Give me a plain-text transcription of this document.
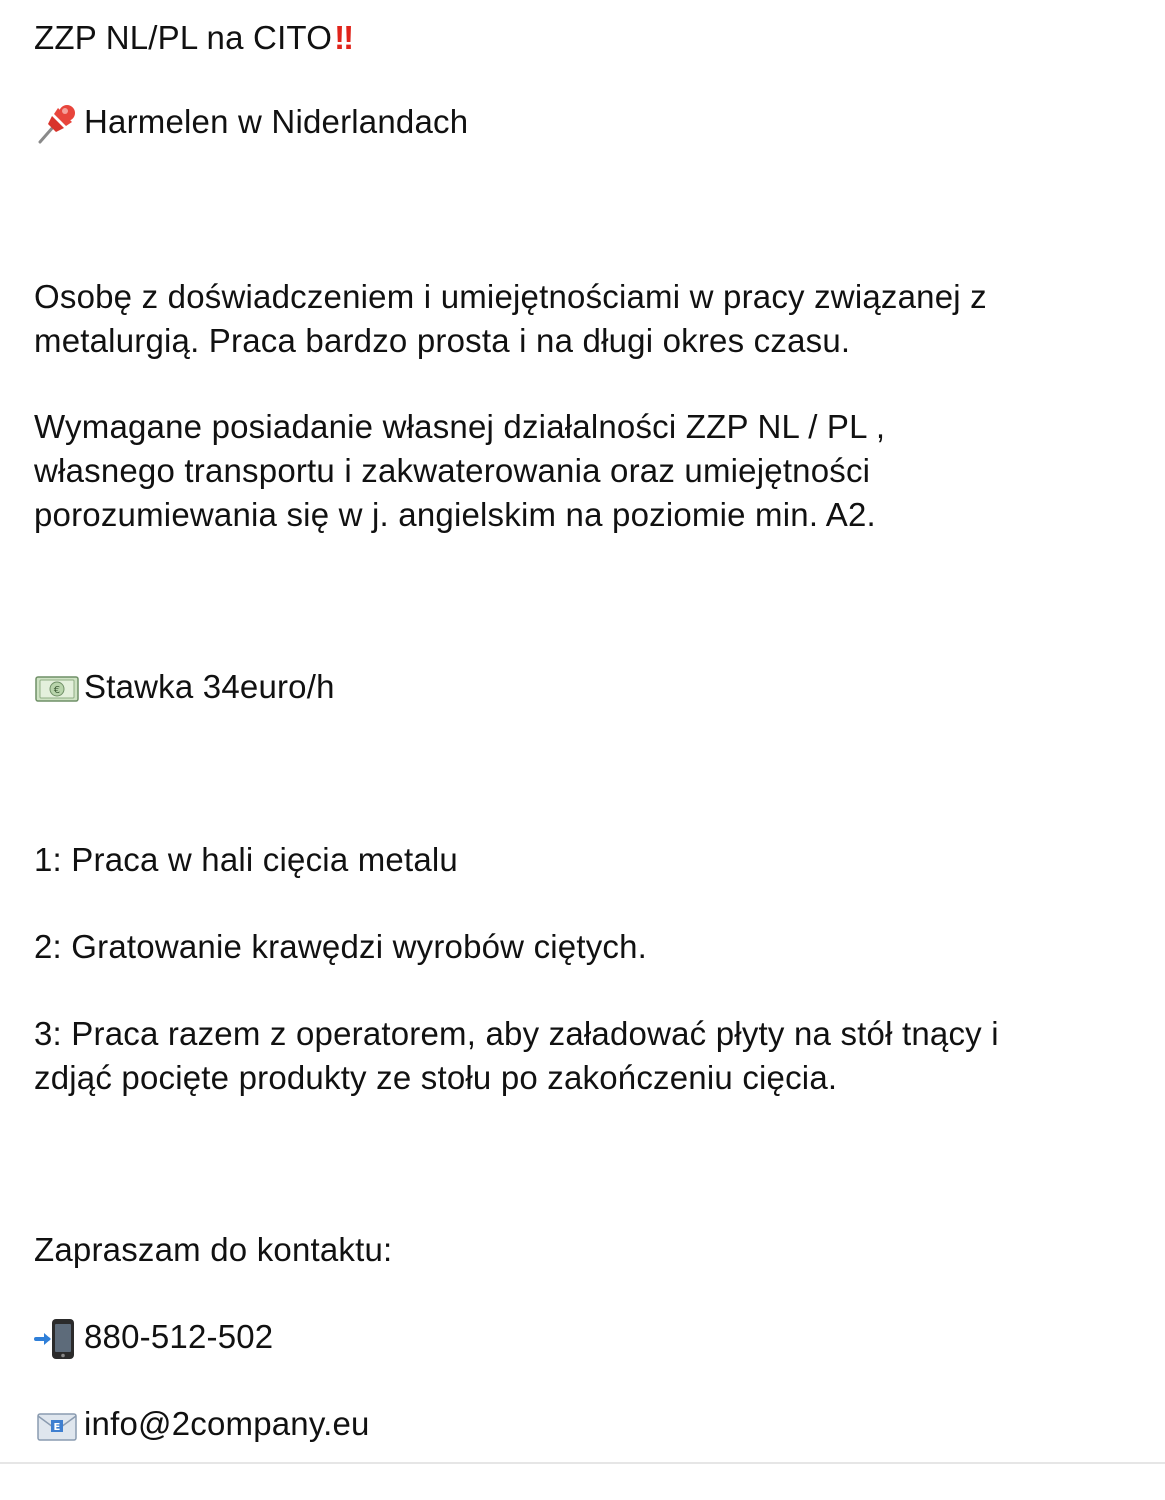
ZZP NL/PL na CITO!!
Harmelen w Niderlandach
Osobę z doświadczeniem i umiejętnościami w pracy związanej z
metalurgią. Praca bardzo prosta i na długi okres czasu.
Wymagane posiadanie własnej działalności ZZP NL / PL ,
własnego transportu i zakwaterowania oraz umiejętności
porozumiewania się w j. angielskim na poziomie min. A2.
€ Stawka 34euro/h
1: Praca w hali cięcia metalu
2: Gratowanie krawędzi wyrobów ciętych.
3: Praca razem z operatorem, aby załadować płyty na stół tnący i
zdjąć pocięte produkty ze stołu po zakończeniu cięcia.
Zapraszam do kontaktu:
880-512-502
E info@2company.eu
